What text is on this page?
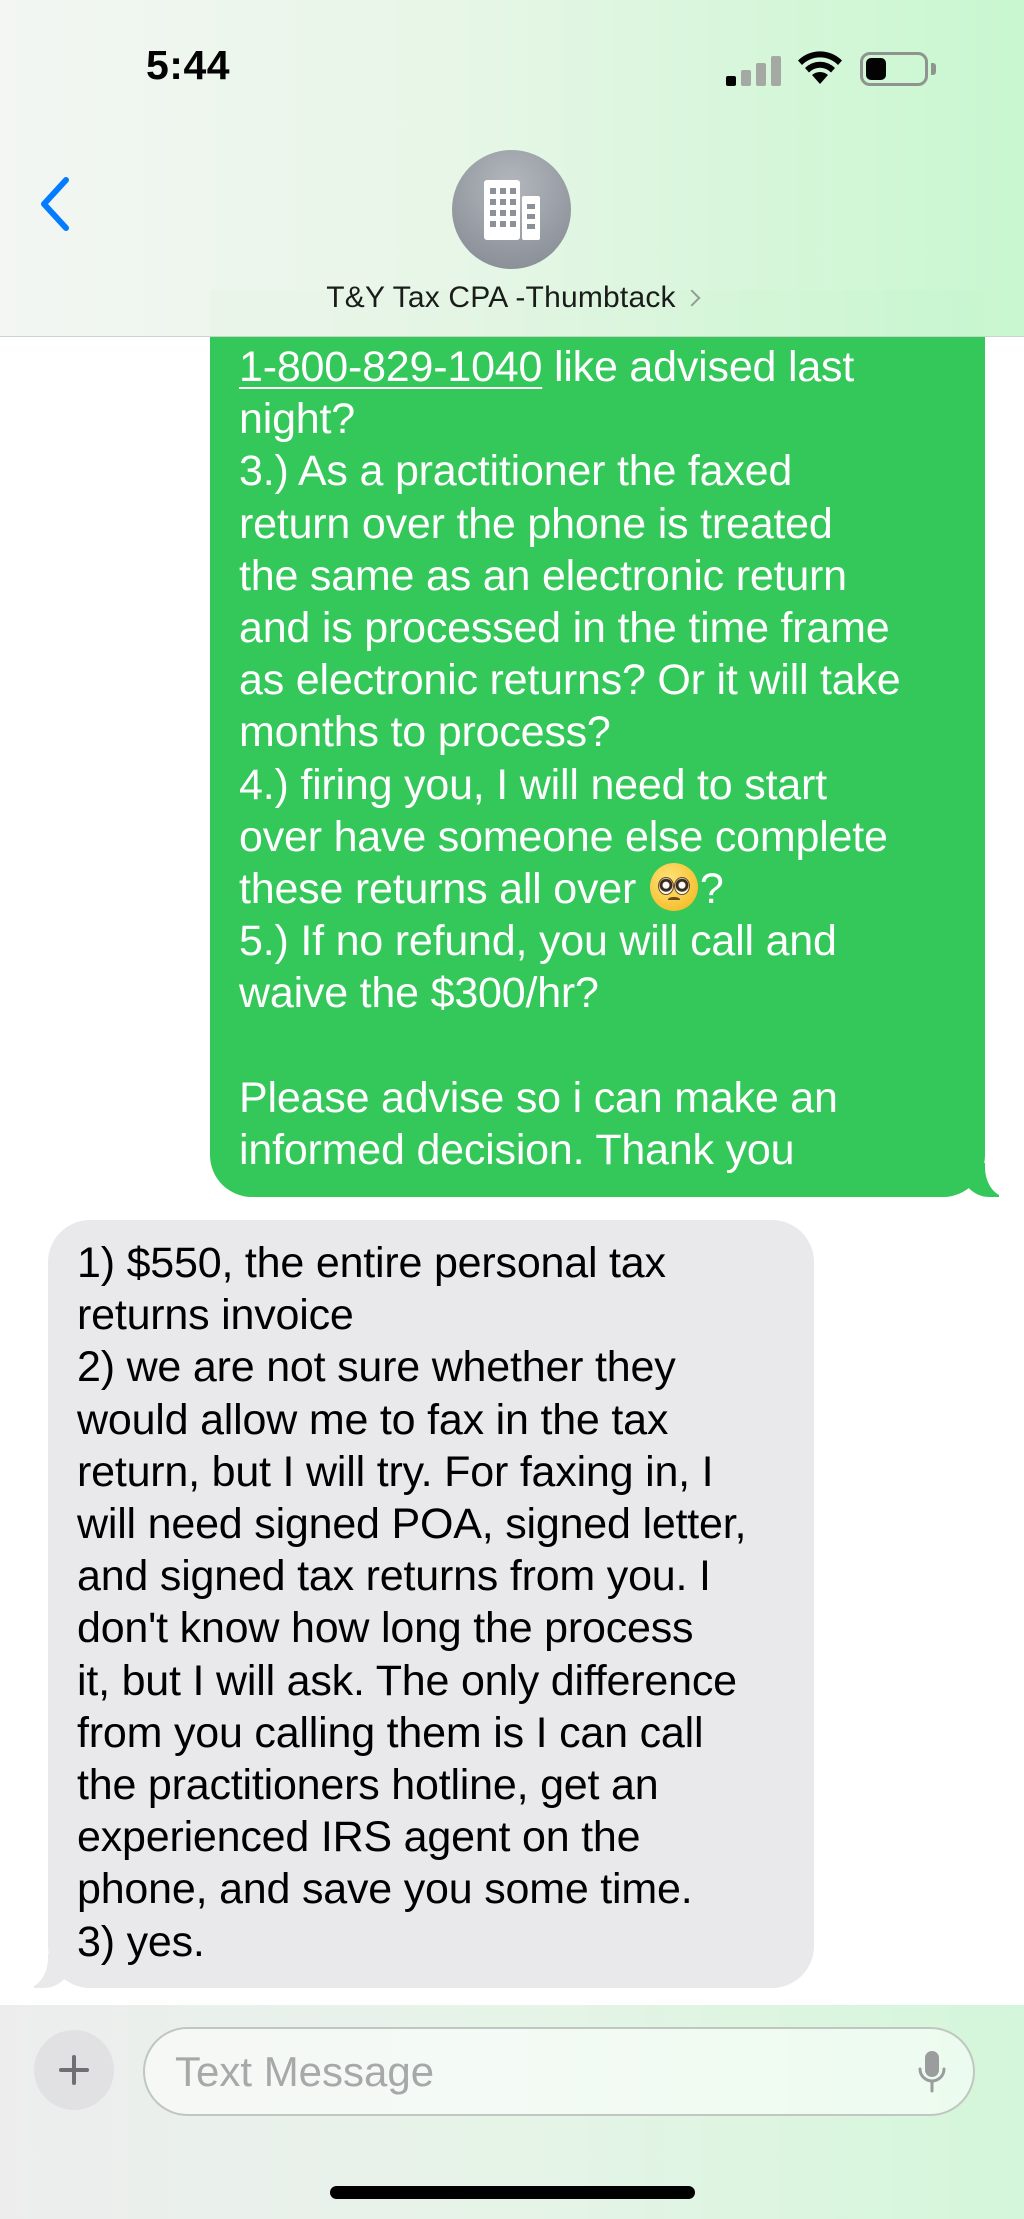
1-800-829-1040 like advised last
night?
3.) As a practitioner the faxed
return over the phone is treated
the same as an electronic return
and is processed in the time frame
as electronic returns? Or it will take
months to process?
4.) firing you, I will need to start
over have someone else complete
these returns all over
?
5.) If no refund, you will call and
waive the $300/hr?

Please advise so i can make an
informed decision. Thank you

1) $550, the entire personal tax
returns invoice
2) we are not sure whether they
would allow me to fax in the tax
return, but I will try. For faxing in, I
will need signed POA, signed letter,
and signed tax returns from you. I
don't know how long the process
it, but I will ask. The only difference
from you calling them is I can call
the practitioners hotline, get an
experienced IRS agent on the
phone, and save you some time.
3) yes.

5:44
T&Y Tax CPA -Thumbtack
Text Message
